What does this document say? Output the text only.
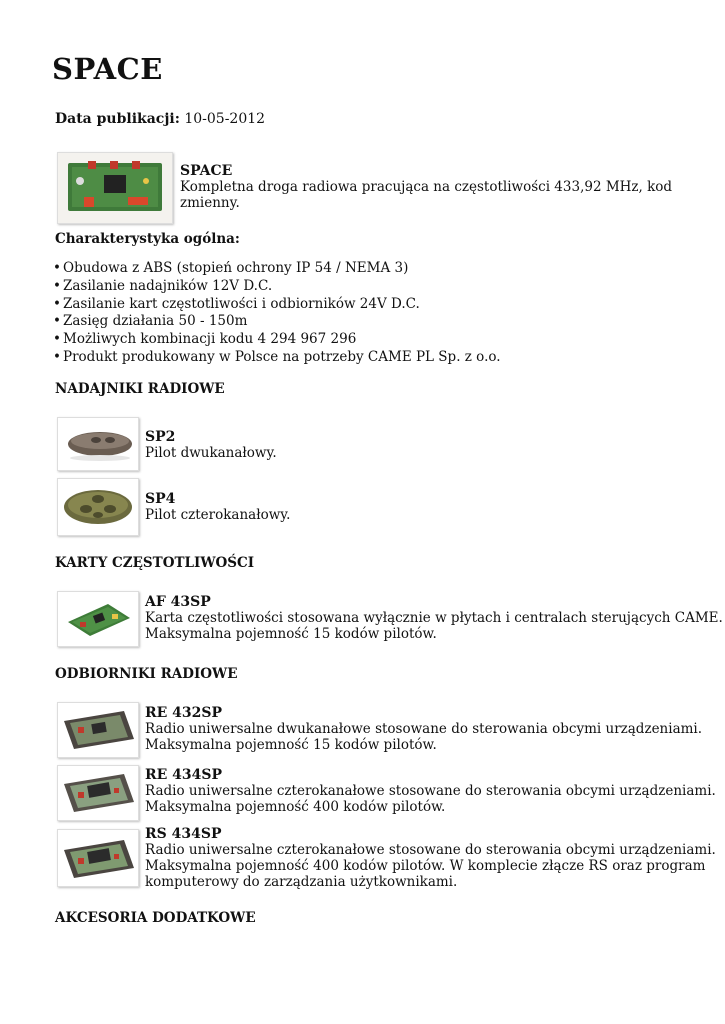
SPACE
Data publikacji: 10-05-2012
SPACE
Kompletna droga radiowa pracująca na częstotliwości 433,92 MHz, kod
zmienny.
Charakterystyka ogólna:
• Obudowa z ABS (stopień ochrony IP 54 / NEMA 3)
• Zasilanie nadajników 12V D.C.
• Zasilanie kart częstotliwości i odbiorników 24V D.C.
• Zasięg działania 50 - 150m
• Możliwych kombinacji kodu 4 294 967 296
• Produkt produkowany w Polsce na potrzeby CAME PL Sp. z o.o.
NADAJNIKI RADIOWE
SP2
Pilot dwukanałowy.
SP4
Pilot czterokanałowy.
KARTY CZĘSTOTLIWOŚCI
AF 43SP
Karta częstotliwości stosowana wyłącznie w płytach i centralach sterujących CAME.
Maksymalna pojemność 15 kodów pilotów.
ODBIORNIKI RADIOWE
RE 432SP
Radio uniwersalne dwukanałowe stosowane do sterowania obcymi urządzeniami.
Maksymalna pojemność 15 kodów pilotów.
RE 434SP
Radio uniwersalne czterokanałowe stosowane do sterowania obcymi urządzeniami.
Maksymalna pojemność 400 kodów pilotów.
RS 434SP
Radio uniwersalne czterokanałowe stosowane do sterowania obcymi urządzeniami.
Maksymalna pojemność 400 kodów pilotów. W komplecie złącze RS oraz program
komputerowy do zarządzania użytkownikami.
AKCESORIA DODATKOWE
